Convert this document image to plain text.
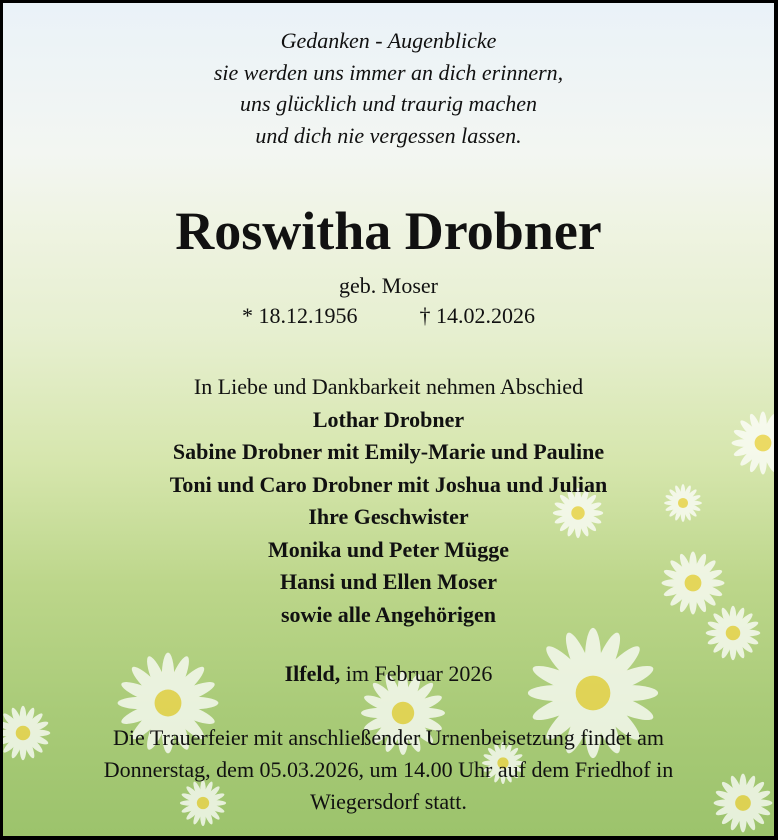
Gedanken - Augenblicke
sie werden uns immer an dich erinnern,
uns glücklich und traurig machen
und dich nie vergessen lassen.
Roswitha Drobner
geb. Moser
* 18.12.1956	† 14.02.2026
In Liebe und Dankbarkeit nehmen Abschied
Lothar Drobner
Sabine Drobner mit Emily-Marie und Pauline
Toni und Caro Drobner mit Joshua und Julian
Ihre Geschwister
Monika und Peter Mügge
Hansi und Ellen Moser
sowie alle Angehörigen
Ilfeld, im Februar 2026
Die Trauerfeier mit anschließender Urnenbeisetzung findet am
Donnerstag, dem 05.03.2026, um 14.00 Uhr auf dem Friedhof in
Wiegersdorf statt.
